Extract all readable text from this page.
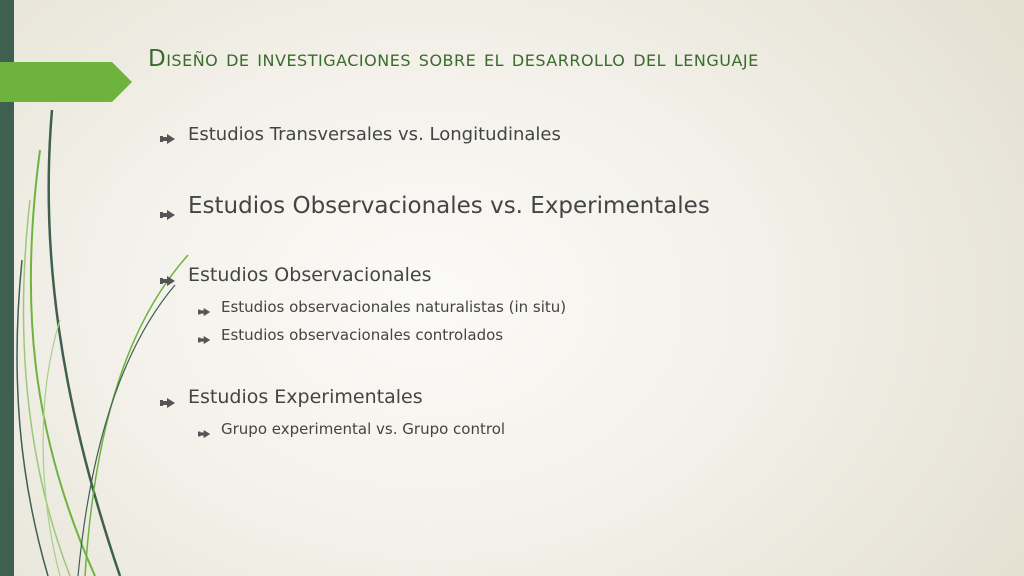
Diseño de investigaciones sobre el desarrollo del lenguaje
Estudios Transversales vs. Longitudinales
Estudios Observacionales vs. Experimentales
Estudios Observacionales
Estudios observacionales naturalistas (in situ)
Estudios observacionales controlados
Estudios Experimentales
Grupo experimental vs. Grupo control
